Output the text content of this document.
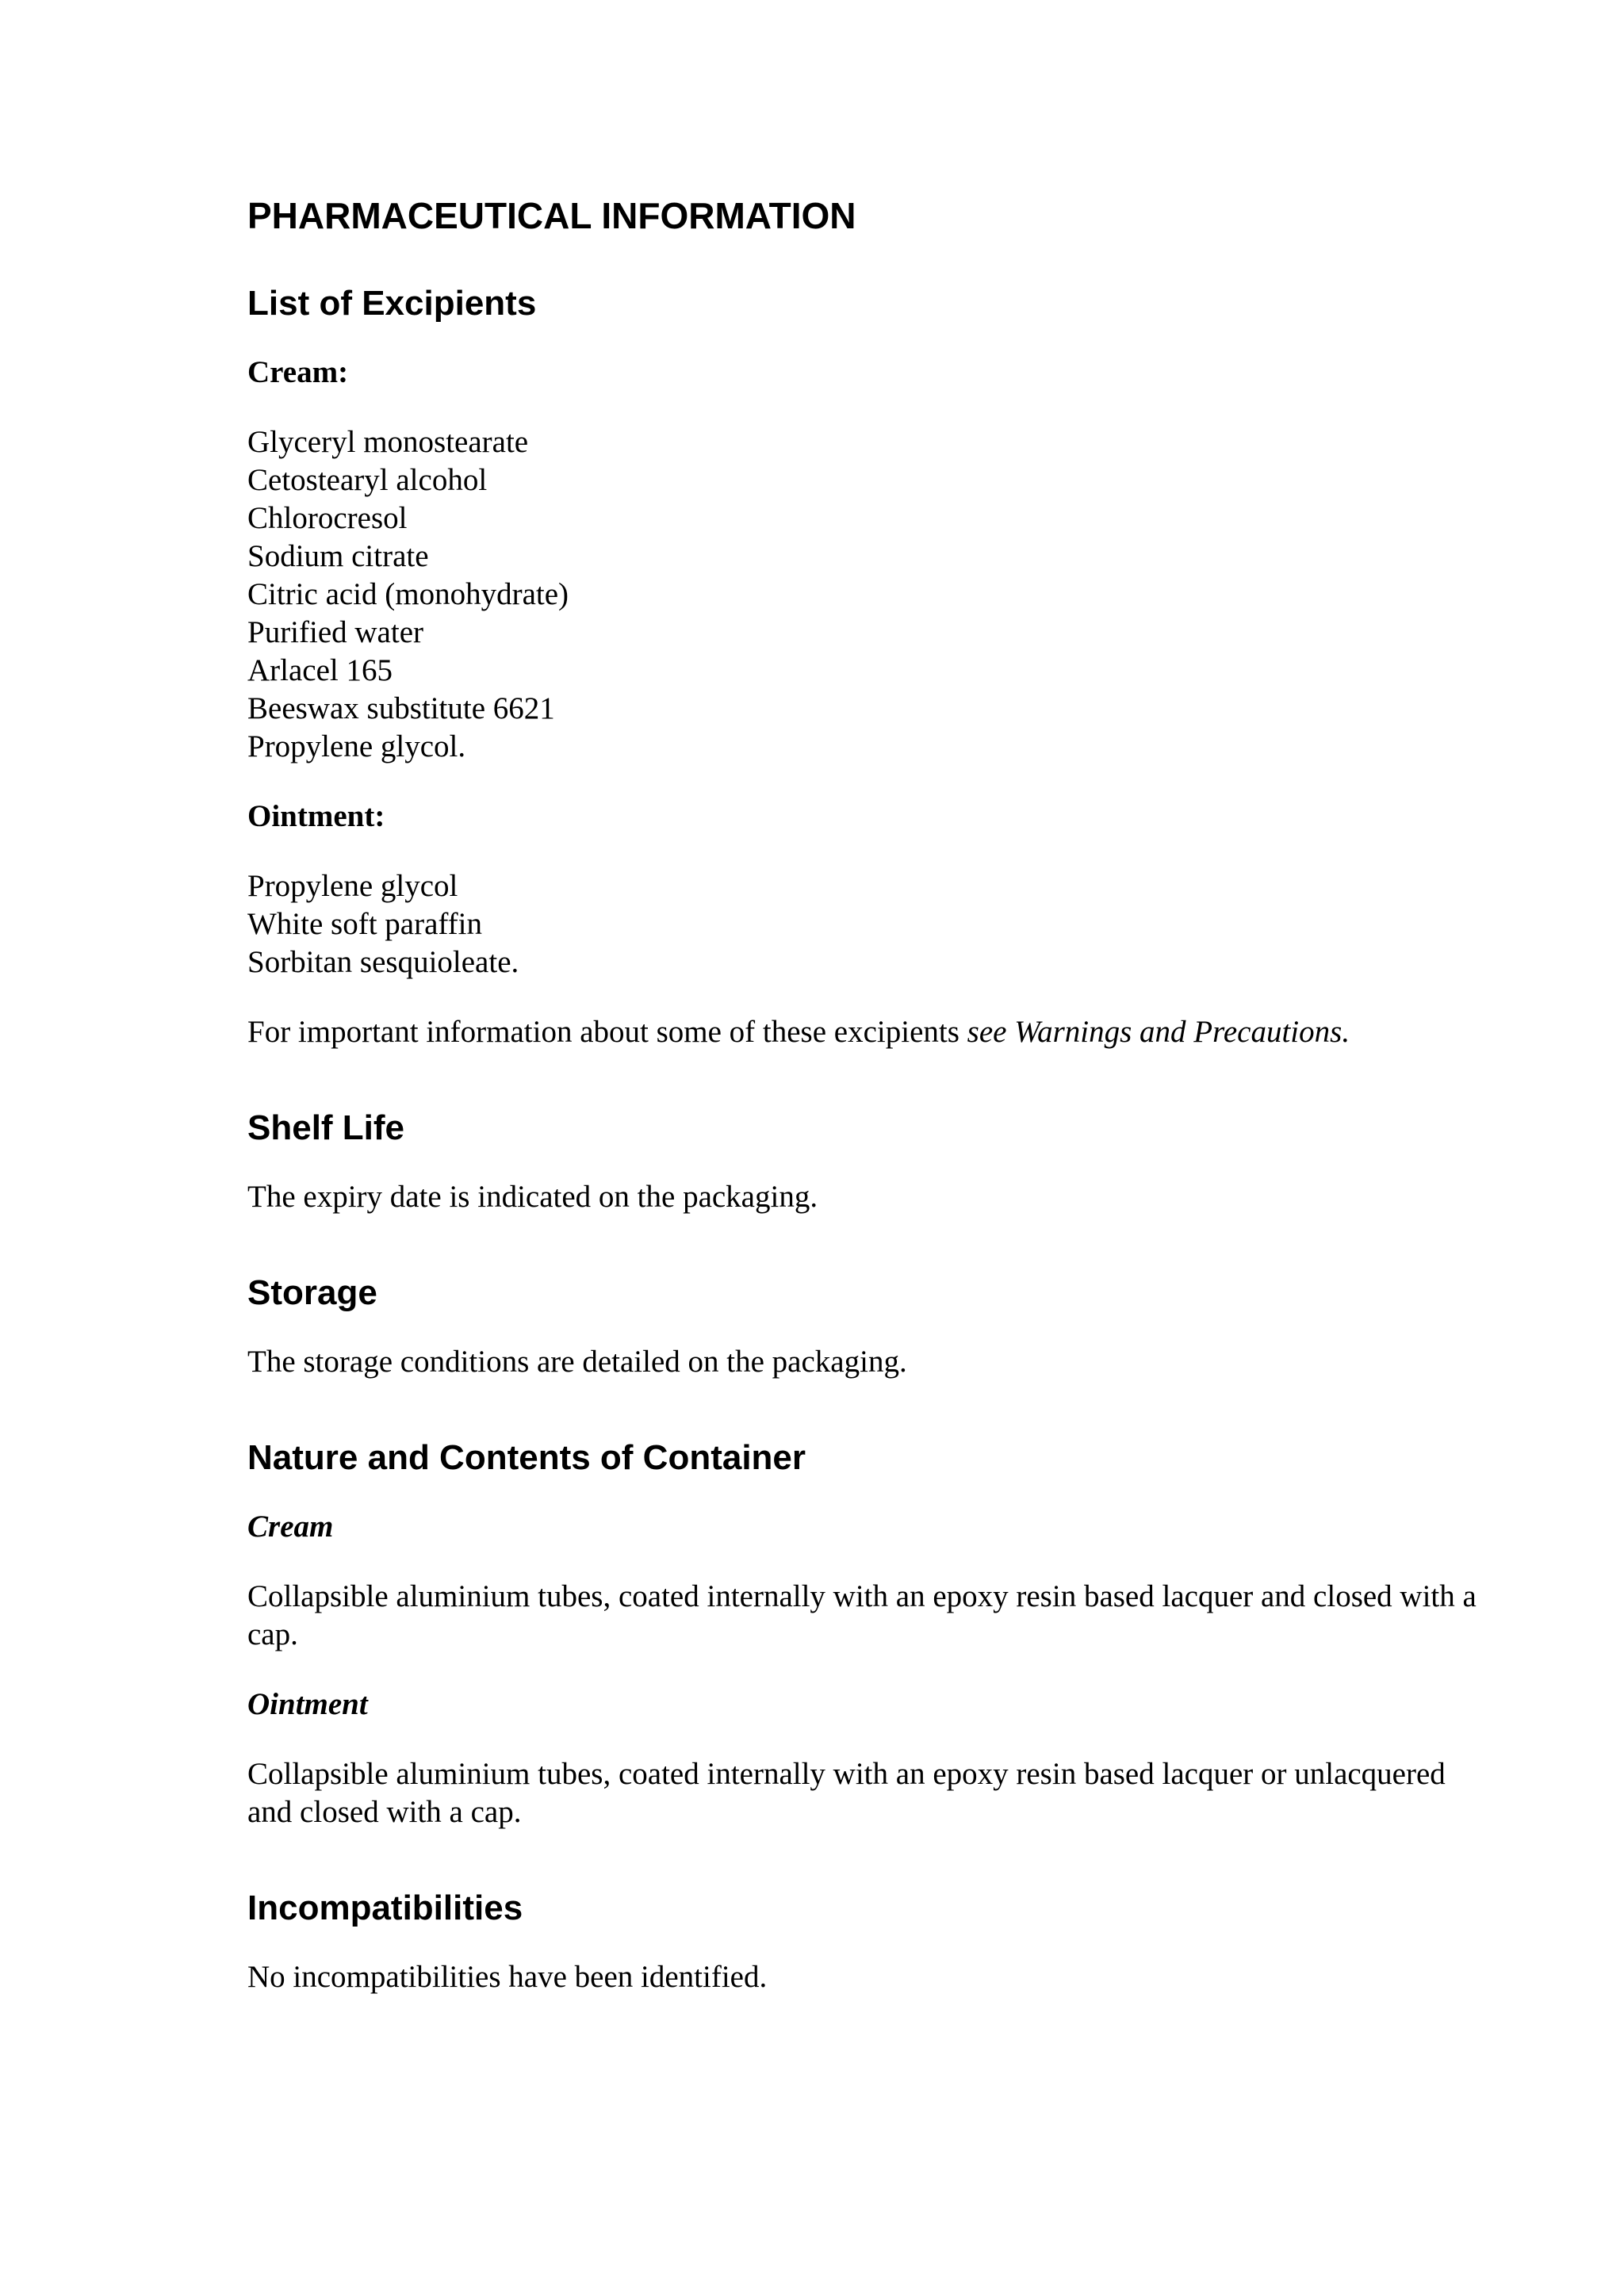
PHARMACEUTICAL INFORMATION
List of Excipients
Cream:
Glyceryl monostearate
Cetostearyl alcohol
Chlorocresol
Sodium citrate
Citric acid (monohydrate)
Purified water
Arlacel 165
Beeswax substitute 6621
Propylene glycol.
Ointment:
Propylene glycol
White soft paraffin
Sorbitan sesquioleate.

For important information about some of these excipients see Warnings and Precautions.

Shelf Life

The expiry date is indicated on the packaging.

Storage

The storage conditions are detailed on the packaging.

Nature and Contents of Container
Cream

Collapsible aluminium tubes, coated internally with an epoxy resin based lacquer and closed with a cap.

Ointment

Collapsible aluminium tubes, coated internally with an epoxy resin based lacquer or unlacquered and closed with a cap.

Incompatibilities

No incompatibilities have been identified.
